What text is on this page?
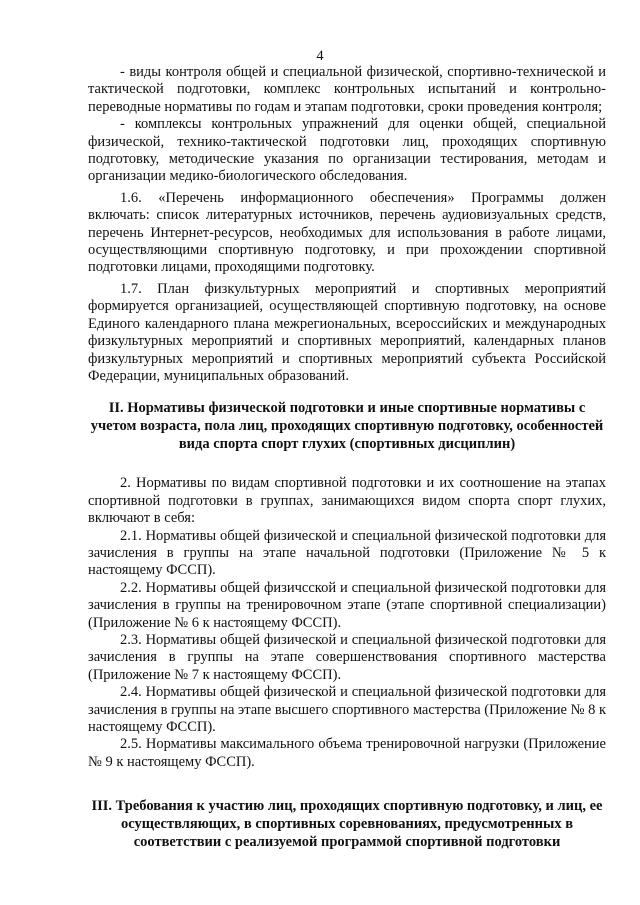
4

- виды контроля общей и специальной физической, спортивно-технической и тактической подготовки, комплекс контрольных испытаний и контрольно-переводные нормативы по годам и этапам подготовки, сроки проведения контроля;

- комплексы контрольных упражнений для оценки общей, специальной физической, технико-тактической подготовки лиц, проходящих спортивную подготовку, методические указания по организации тестирования, методам и организации медико-биологического обследования.

1.6. «Перечень информационного обеспечения» Программы должен включать: список литературных источников, перечень аудиовизуальных средств, перечень Интернет-ресурсов, необходимых для использования в работе лицами, осуществляющими спортивную подготовку, и при прохождении спортивной подготовки лицами, проходящими подготовку.

1.7. План физкультурных мероприятий и спортивных мероприятий формируется организацией, осуществляющей спортивную подготовку, на основе Единого календарного плана межрегиональных, всероссийских и международных физкультурных мероприятий и спортивных мероприятий, календарных планов физкультурных мероприятий и спортивных мероприятий субъекта Российской Федерации, муниципальных образований.

II. Нормативы физической подготовки и иные спортивные нормативы с учетом возраста, пола лиц, проходящих спортивную подготовку, особенностей вида спорта спорт глухих (спортивных дисциплин)

2. Нормативы по видам спортивной подготовки и их соотношение на этапах спортивной подготовки в группах, занимающихся видом спорта спорт глухих, включают в себя:

2.1. Нормативы общей физической и специальной физической подготовки для зачисления в группы на этапе начальной подготовки (Приложение № 5 к настоящему ФССП).

2.2. Нормативы общей физичсской и специальной физической подготовки для зачисления в группы на тренировочном этапе (этапе спортивной специализации) (Приложение № 6 к настоящему ФССП).

2.3. Нормативы общей физической и специальной физической подготовки для зачисления в группы на этапе совершенствования спортивного мастерства (Приложение № 7 к настоящему ФССП).

2.4. Нормативы общей физической и специальной физической подготовки для зачисления в группы на этапе высшего спортивного мастерства (Приложение № 8 к настоящему ФССП).

2.5. Нормативы максимального объема тренировочной нагрузки (Приложение № 9 к настоящему ФССП).

III. Требования к участию лиц, проходящих спортивную подготовку, и лиц, ее осуществляющих, в спортивных соревнованиях, предусмотренных в соответствии с реализуемой программой спортивной подготовки
